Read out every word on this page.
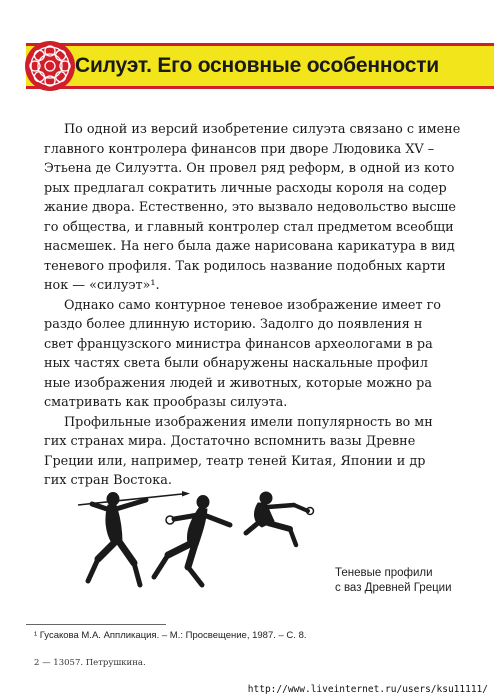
Силуэт. Его основные особенности

По одной из версий изобретение силуэта связано с имене
главного контролера финансов при дворе Людовика XV –
Этьена де Силуэтта. Он провел ряд реформ, в одной из кото
рых предлагал сократить личные расходы короля на содер
жание двора. Естественно, это вызвало недовольство высше
го общества, и главный контролер стал предметом всеобщи
насмешек. На него была даже нарисована карикатура в вид
теневого профиля. Так родилось название подобных карти
нок — «силуэт»¹.

Однако само контурное теневое изображение имеет го
раздо более длинную историю. Задолго до появления н
свет французского министра финансов археологами в ра
ных частях света были обнаружены наскальные профил
ные изображения людей и животных, которые можно ра
сматривать как прообразы силуэта.

Профильные изображения имели популярность во мн
гих странах мира. Достаточно вспомнить вазы Древне
Греции или, например, театр теней Китая, Японии и др
гих стран Востока.

Теневые профили
с ваз Древней Греции
¹ Гусакова М.А. Аппликация. – М.: Просвещение, 1987. – С. 8.
2 — 13057. Петрушкина.
http://www.liveinternet.ru/users/ksu11111/
